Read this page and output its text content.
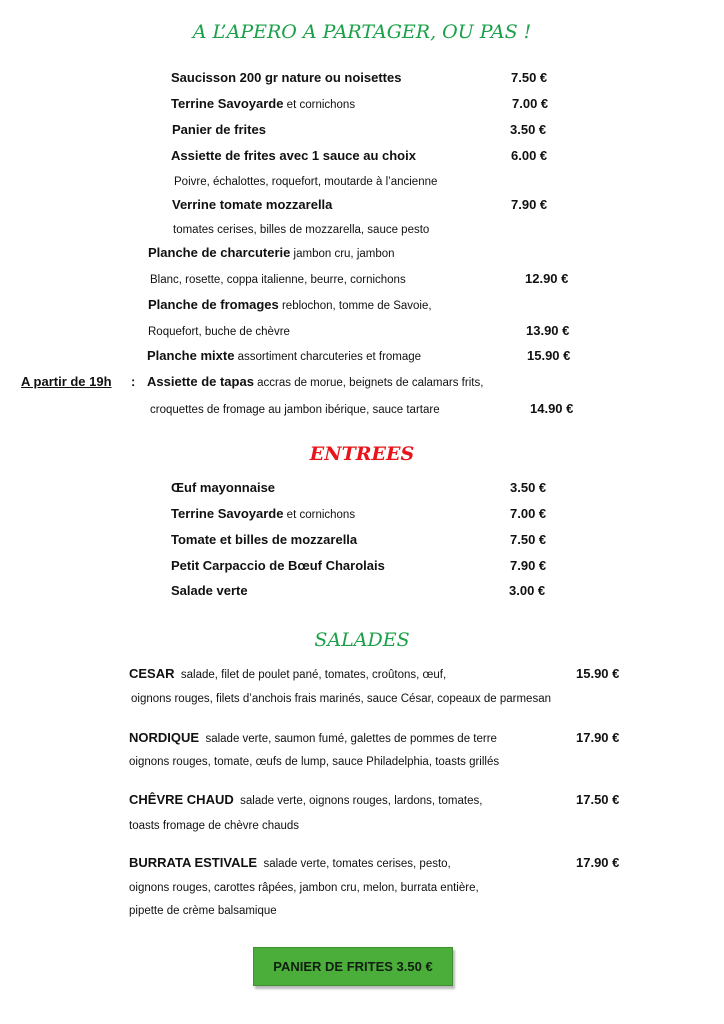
A L’APERO A PARTAGER, OU PAS !
ENTREES
SALADES
A partir de 19h :
PANIER DE FRITES 3.50 €
Saucisson 200 gr nature ou noisettes	7.50 €
Terrine Savoyarde et cornichons	7.00 €
Panier de frites	3.50 €
Assiette de frites avec 1 sauce au choix	6.00 €
Poivre, échalottes, roquefort, moutarde à l’ancienne
Verrine tomate mozzarella	7.90 €
tomates cerises, billes de mozzarella, sauce pesto
Planche de charcuterie jambon cru, jambon
Blanc, rosette, coppa italienne, beurre, cornichons	12.90 €
Planche de fromages reblochon, tomme de Savoie,
Roquefort, buche de chèvre	13.90 €
Planche mixte assortiment charcuteries et fromage	15.90 €
Assiette de tapas accras de morue, beignets de calamars frits,
croquettes de fromage au jambon ibérique, sauce tartare	14.90 €
Œuf mayonnaise	3.50 €
Terrine Savoyarde et cornichons	7.00 €
Tomate et billes de mozzarella	7.50 €
Petit Carpaccio de Bœuf Charolais	7.90 €
Salade verte	3.00 €
CESAR  salade, filet de poulet pané, tomates, croûtons, œuf,	15.90 €
oignons rouges, filets d’anchois frais marinés, sauce César, copeaux de parmesan
NORDIQUE  salade verte, saumon fumé, galettes de pommes de terre	17.90 €
oignons rouges, tomate, œufs de lump, sauce Philadelphia, toasts grillés
CHÊVRE CHAUD  salade verte, oignons rouges, lardons, tomates,	17.50 €
toasts fromage de chèvre chauds
BURRATA ESTIVALE  salade verte, tomates cerises, pesto,	17.90 €
oignons rouges, carottes râpées, jambon cru, melon, burrata entière,
pipette de crème balsamique
